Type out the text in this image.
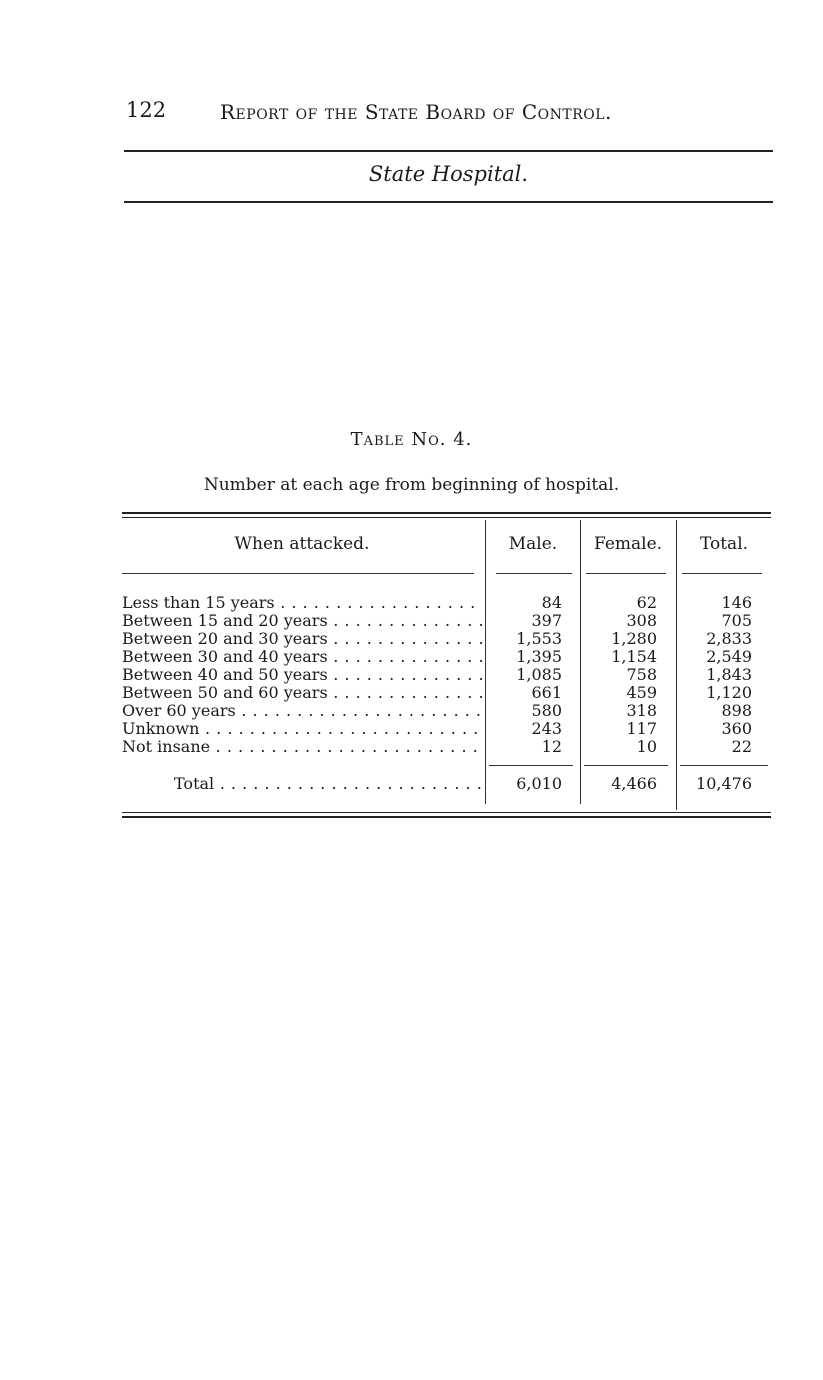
122	Report of the State Board of Control.
State Hospital.
Table No. 4.
Number at each age from beginning of hospital.
When attacked.	Male.	Female.	Total.
Less than 15 years . . .	84	62	146
Between 15 and 20 years . . .	397	308	705
Between 20 and 30 years . . .	1,553	1,280	2,833
Between 30 and 40 years . . .	1,395	1,154	2,549
Between 40 and 50 years . . .	1,085	758	1,843
Between 50 and 60 years . . .	661	459	1,120
Over 60 years . . .	580	318	898
Unknown . . .	243	117	360
Not insane . . .	12	10	22
Total . . .	6,010	4,466	10,476
